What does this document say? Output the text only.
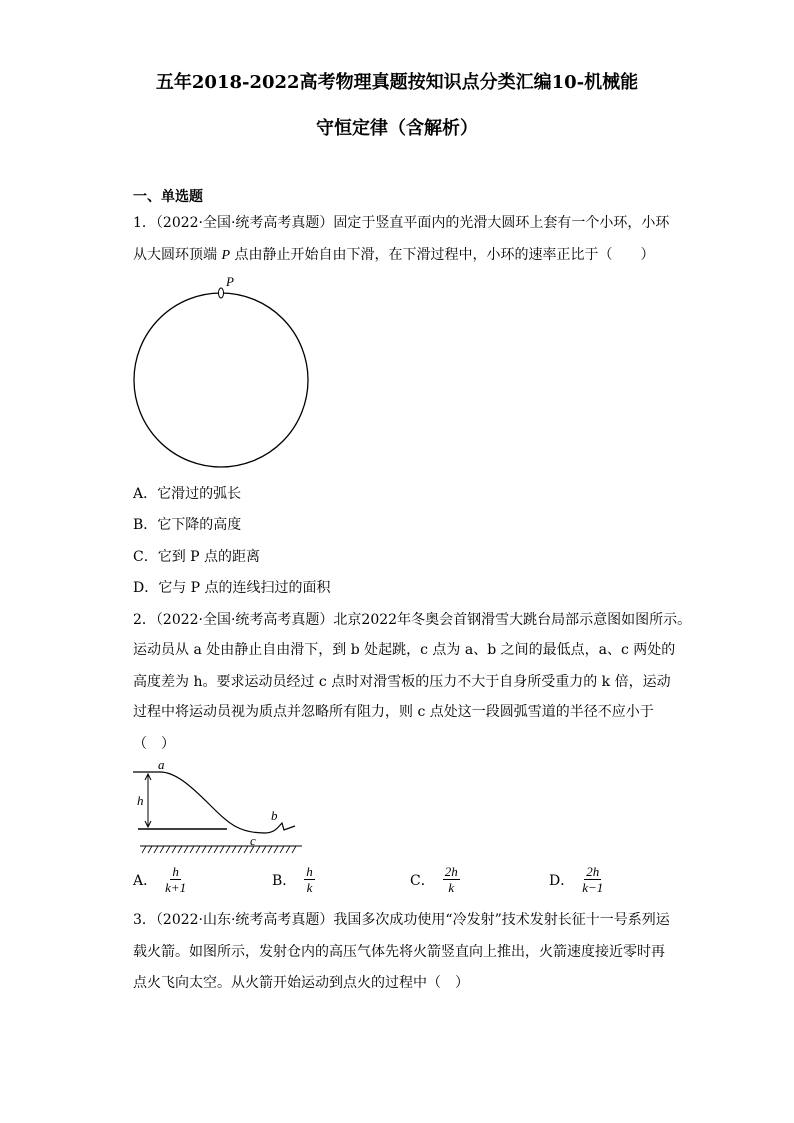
五年2018-2022高考物理真题按知识点分类汇编10-机械能
守恒定律（含解析）
一、单选题
1．（2022·全国·统考高考真题）固定于竖直平面内的光滑大圆环上套有一个小环，小环
从大圆环顶端 P 点由静止开始自由下滑，在下滑过程中，小环的速率正比于（　　）
P
A．它滑过的弧长
B．它下降的高度
C．它到 P 点的距离
D．它与 P 点的连线扫过的面积
2．（2022·全国·统考高考真题）北京2022年冬奥会首钢滑雪大跳台局部示意图如图所示。
运动员从 a 处由静止自由滑下，到 b 处起跳，c 点为 a、b 之间的最低点，a、c 两处的
高度差为 h。要求运动员经过 c 点时对滑雪板的压力不大于自身所受重力的 k 倍，运动
过程中将运动员视为质点并忽略所有阻力，则 c 点处这一段圆弧雪道的半径不应小于
（　）
a
h
b
c
A． $\frac{h}{k+1}$	B． $\frac{h}{k}$	C． $\frac{2h}{k}$	D． $\frac{2h}{k-1}$
3．（2022·山东·统考高考真题）我国多次成功使用“冷发射”技术发射长征十一号系列运
载火箭。如图所示，发射仓内的高压气体先将火箭竖直向上推出，火箭速度接近零时再
点火飞向太空。从火箭开始运动到点火的过程中（　）
